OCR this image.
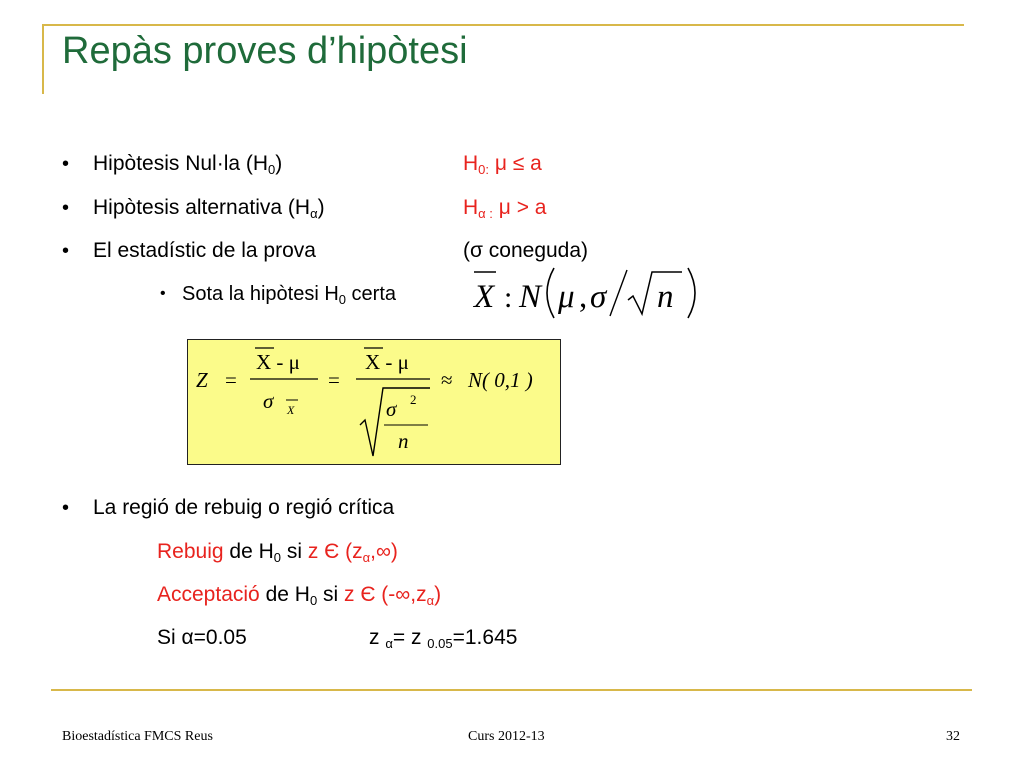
Repàs proves d’hipòtesi
• Hipòtesis Nul·la $(H_0)$	$H_{0:}$ μ ≤ a
• Hipòtesis alternativa $(H_\alpha)$	$H_{\alpha :}$ μ > a
• El estadístic de la prova	(σ coneguda)
• Sota la hipòtesi $H_0$ certa X : N μ , σ n
Z =
X - μ
σ X
=
X - μ
σ 2
n
≈ N( 0,1 )
• La regió de rebuig o regió crítica
Rebuig de $H_0$ si z Є $(z_\alpha,\infty)$
Acceptació de $H_0$ si z Є $(-\infty,z_\alpha)$
Si α=0.05	z $_\alpha$= z $_{0.05}$=1.645
Bioestadística FMCS Reus	Curs 2012-13	32
